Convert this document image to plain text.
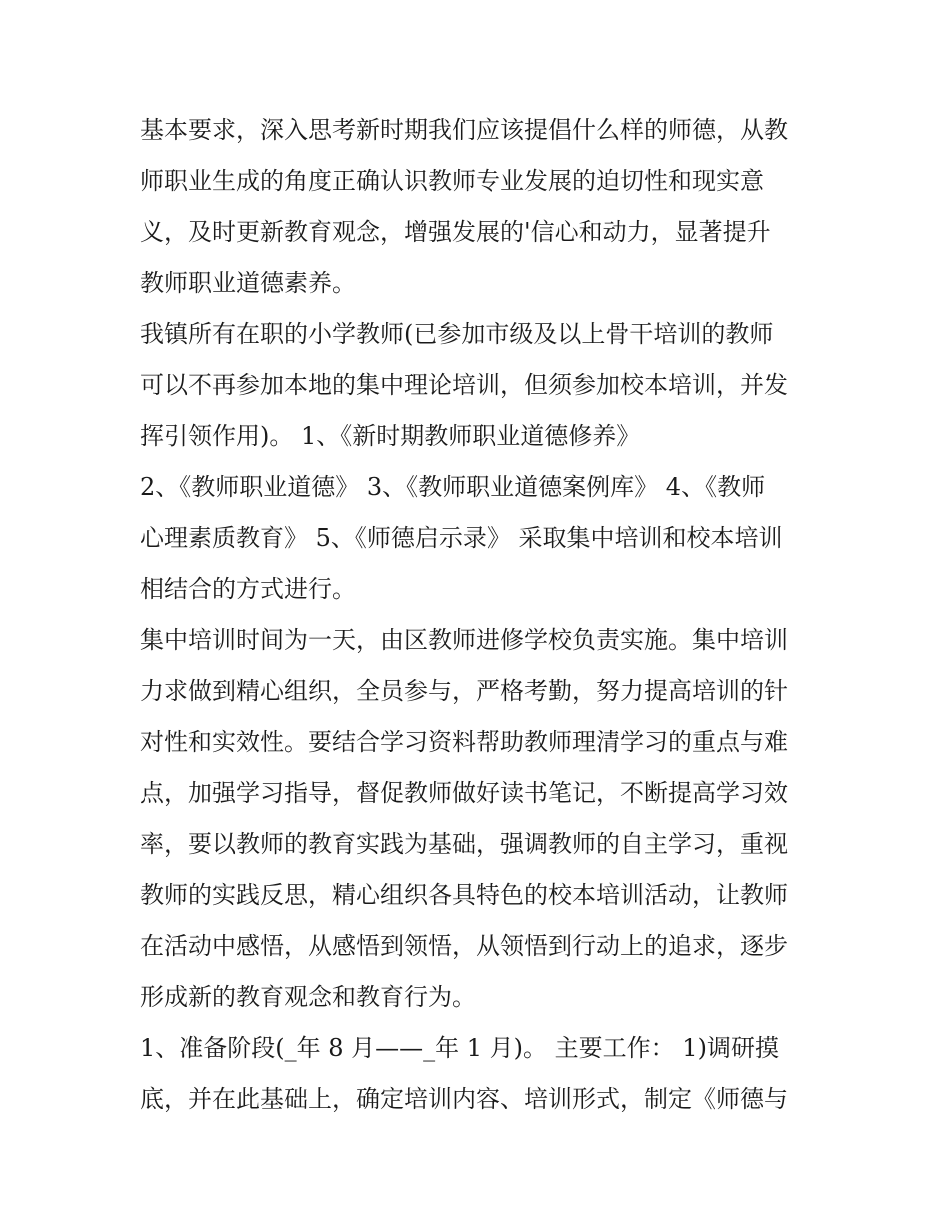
基本要求，深入思考新时期我们应该提倡什么样的师德，从教
师职业生成的角度正确认识教师专业发展的迫切性和现实意
义，及时更新教育观念，增强发展的'信心和动力，显著提升
教师职业道德素养。
我镇所有在职的小学教师(已参加市级及以上骨干培训的教师
可以不再参加本地的集中理论培训，但须参加校本培训，并发
挥引领作用)。 1、《新时期教师职业道德修养》
2、《教师职业道德》 3、《教师职业道德案例库》 4、《教师
心理素质教育》 5、《师德启示录》 采取集中培训和校本培训
相结合的方式进行。
集中培训时间为一天，由区教师进修学校负责实施。集中培训
力求做到精心组织，全员参与，严格考勤，努力提高培训的针
对性和实效性。要结合学习资料帮助教师理清学习的重点与难
点，加强学习指导，督促教师做好读书笔记，不断提高学习效
率，要以教师的教育实践为基础，强调教师的自主学习，重视
教师的实践反思，精心组织各具特色的校本培训活动，让教师
在活动中感悟，从感悟到领悟，从领悟到行动上的追求，逐步
形成新的教育观念和教育行为。
1、准备阶段(_年 8 月——_年 1 月)。 主要工作： 1)调研摸
底，并在此基础上，确定培训内容、培训形式，制定《师德与
